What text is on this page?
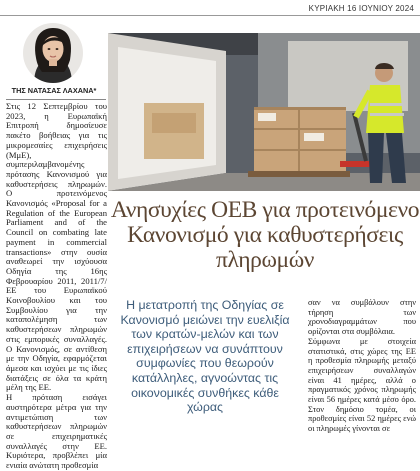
ΚΥΡΙΑΚΗ 16 ΙΟΥΝΙΟΥ 2024
ΤΗΣ ΝΑΤΑΣΑΣ ΛΑΧΑΝΑ*

Στις 12 Σεπτεμβρίου του 2023, η Ευρωπαϊκή Επιτροπή δημοσίευσε πακέτο βοήθειας για τις μικρομεσαίες επιχειρήσεις (ΜμΕ), συμπεριλαμβανομένης πρότασης Κανονισμού για καθυστερήσεις πληρωμών. Ο προτεινόμενος Κανονισμός «Proposal for a Regulation of the European Parliament and of the Council on combating late payment in commercial transactions» στην ουσία αναθεωρεί την ισχύουσα Οδηγία της 16ης Φεβρουαρίου 2011, 2011/7/ΕΕ του Ευρωπαϊκού Κοινοβουλίου και του Συμβουλίου για την καταπολέμηση των καθυστερήσεων πληρωμών στις εμπορικές συναλλαγές. Ο Κανονισμός, σε αντίθεση με την Οδηγία, εφαρμόζεται άμεσα και ισχύει με τις ίδιες διατάξεις σε όλα τα κράτη μέλη της ΕΕ.

Η πρόταση εισάγει αυστηρότερα μέτρα για την αντιμετώπιση των καθυστερήσεων πληρωμών σε επιχειρηματικές συναλλαγές στην ΕΕ. Κυριότερα, προβλέπει μία ενιαία ανώτατη προθεσμία

Ανησυχίες ΟΕΒ για προτεινόμενο Κανονισμό για καθυστερήσεις πληρωμών
Η μετατροπή της Οδηγίας σε Κανονισμό μειώνει την ευελιξία των κρατών-μελών και των επιχειρήσεων να συνάπτουν συμφωνίες που θεωρούν κατάλληλες, αγνοώντας τις οικονομικές συνθήκες κάθε χώρας

σαν να συμβάλουν στην τήρηση των χρονοδιαγραμμάτων που ορίζονται στα συμβόλαια.

Σύμφωνα με στοιχεία στατιστικά, στις χώρες της ΕΕ η προθεσμία πληρωμής μεταξύ επιχειρήσεων συναλλαγών είναι 41 ημέρες, αλλά ο πραγματικός χρόνος πληρωμής είναι 56 ημέρες κατά μέσο όρο. Στον δημόσιο τομέα, οι προθεσμίες είναι 52 ημέρες ενώ οι πληρωμές γίνονται σε
